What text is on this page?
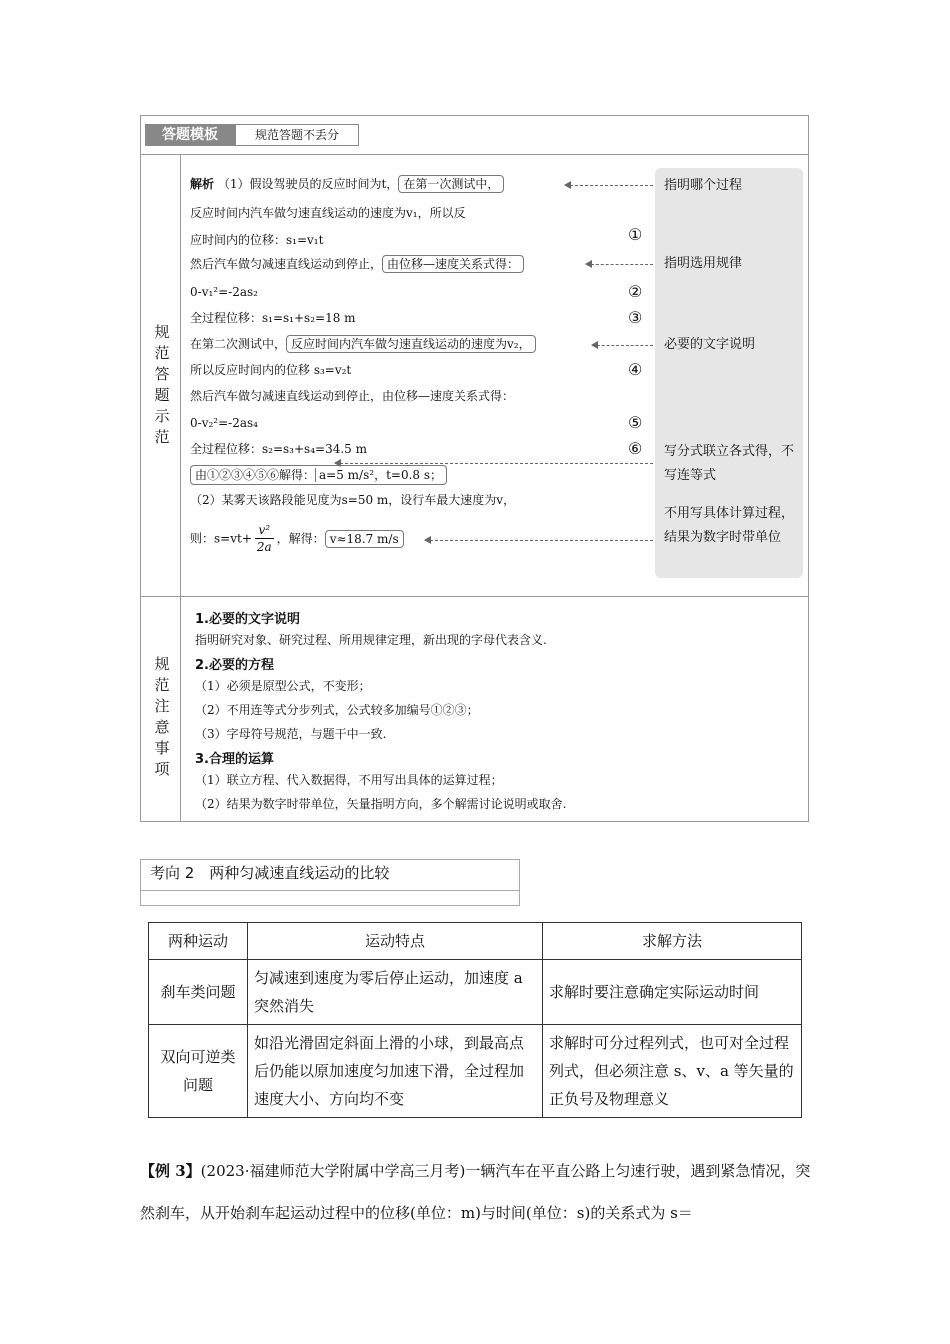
答题模板	规范答题不丢分
规
范
答
题
示
范
规
范
注
意
事
项
指明哪个过程
指明选用规律
必要的文字说明
写分式联立各式得，不写连等式
不用写具体计算过程，结果为数字时带单位
解析 （1）假设驾驶员的反应时间为t， 在第一次测试中，
反应时间内汽车做匀速直线运动的速度为v₁，所以反
应时间内的位移：s₁=v₁t
然后汽车做匀减速直线运动到停止， 由位移—速度关系式得：
0-v₁²=-2as₂
全过程位移：s₁=s₁+s₂=18 m
在第二次测试中， 反应时间内汽车做匀速直线运动的速度为v₂，
所以反应时间内的位移 s₃=v₂t
然后汽车做匀减速直线运动到停止，由位移—速度关系式得：
0-v₂²=-2as₄
全过程位移：s₂=s₃+s₄=34.5 m
由①②③④⑤⑥解得： a=5 m/s²，t=0.8 s；
（2）某雾天该路段能见度为s=50 m，设行车最大速度为v，
则：$s=vt+ \frac{\text{v²}}{2a}$ ，解得： v≈18.7 m/s
①
②
③
④
⑤
⑥
1.必要的文字说明
指明研究对象、研究过程、所用规律定理，新出现的字母代表含义.
2.必要的方程
（1）必须是原型公式，不变形；
（2）不用连等式分步列式，公式较多加编号①②③；
（3）字母符号规范，与题干中一致.
3.合理的运算
（1）联立方程、代入数据得，不用写出具体的运算过程；
（2）结果为数字时带单位，矢量指明方向，多个解需讨论说明或取舍.
考向 2　两种匀减速直线运动的比较
两种运动	运动特点	求解方法
刹车类问题	匀减速到速度为零后停止运动，加速度 a 突然消失	求解时要注意确定实际运动时间
双向可逆类问题	如沿光滑固定斜面上滑的小球，到最高点后仍能以原加速度匀加速下滑，全过程加速度大小、方向均不变	求解时可分过程列式，也可对全过程列式，但必须注意 s、v、a 等矢量的正负号及物理意义
【例 3】(2023·福建师范大学附属中学高三月考)一辆汽车在平直公路上匀速行驶，遇到紧急情况，突然刹车，从开始刹车起运动过程中的位移(单位：m)与时间(单位：s)的关系式为 s＝
